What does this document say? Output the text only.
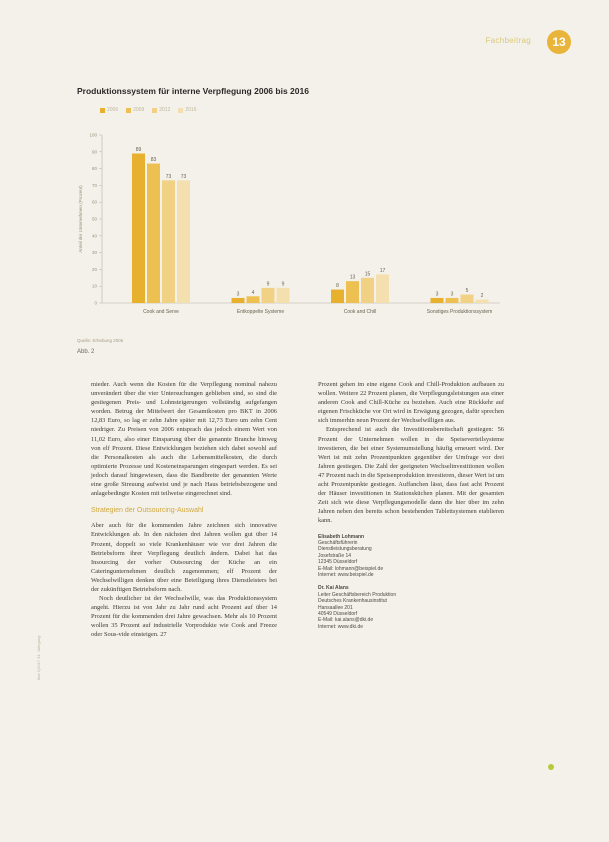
Fachbeitrag	13
Produktionssystem für interne Verpflegung 2006 bis 2016
2006	2009	2012	2016
0
10
20
30
40
50
60
70
80
90
100
Anteil der Unternehmen (Prozent)
89
83
73 73
Cook and Serve
3 4
9 9
Entkoppelte Systeme
8
13
15
17
Cook and Chill
3 3
5
2
Sonstiges Produktionssystem
Quelle: Erhebung 2006
Abb. 2

mieder. Auch wenn die Kosten für die Verpflegung nominal nahezu unverändert über die vier Untersuchungen geblieben sind, so sind die gestiegenen Preis- und Lohnsteigerungen vollständig aufgefangen worden. Betrug der Mittelwert der Gesamtkosten pro BKT in 2006 12,83 Euro, so lag er zehn Jahre später mit 12,73 Euro um zehn Cent niedriger. Zu Preisen von 2006 entsprach das jedoch einem Wert von 11,02 Euro, also einer Einsparung über die genannte Branche hinweg von elf Prozent. Diese Entwicklungen beziehen sich dabei sowohl auf die Personalkosten als auch die Lebensmittelkosten, die durch optimierte Prozesse und Kosteneinsparungen eingespart werden. Es sei jedoch darauf hingewiesen, dass die Bandbreite der genannten Werte eine große Streuung aufweist und je nach Haus betriebsbezogene und anlagebedingte Kosten mit teilweise eingerechnet sind.

Strategien der Outsourcing-Auswahl

Aber auch für die kommenden Jahre zeichnen sich innovative Entwicklungen ab. In den nächsten drei Jahren wollen gut über 14 Prozent, doppelt so viele Krankenhäuser wie vor drei Jahren die Betriebsform ihrer Verpflegung deutlich ändern. Dabei hat das Insourcing der vorher Outsourcing der Küche an ein Cateringunternehmen deutlich zugenommen; elf Prozent der Wechselwilligen denken über eine Beteiligung ihres Dienstleisters bei der zukünftigen Betriebsform nach.

Noch deutlicher ist der Wechselwille, was das Produktionssystem angeht. Hierzu ist von Jahr zu Jahr rund acht Prozent auf über 14 Prozent für die kommenden drei Jahre gewachsen. Mehr als 10 Prozent wollen 35 Prozent auf industrielle Vorprodukte wie Cook and Freeze oder Sous-vide einsteigen. 27

Prozent gehen im eine eigene Cook and Chill-Produktion aufbauen zu wollen. Weitere 22 Prozent planen, die Verpflegungsleistungen aus einer anderen Cook and Chill-Küche zu beziehen. Auch eine Rückkehr auf eigenen Frischküche vor Ort wird in Erwägung gezogen, dafür sprechen sich immerhin neun Prozent der Wechselwilligen aus.

Entsprechend ist auch die Investitionsbereitschaft gestiegen: 56 Prozent der Unternehmen wollen in die Speiseverteilsysteme investieren, die bei einer Systemumstellung häufig erneuert wird. Der Wert ist mit zehn Prozentpunkten gegenüber der Umfrage vor drei Jahren gestiegen. Die Zahl der geeigneten Wechselinvestitionen wollen 47 Prozent nach in die Speisenproduktion investieren, dieser Wert ist um acht Prozentpunkte gestiegen. Auffanchen lässt, dass fast acht Prozent der Häuser investitionen in Stationsküchen planen. Mit der gesamten Zeit sich wie diese Verpflegungsmodelle dann die hier über im zehn Jahren neben den bereits schon bestehenden Tablettsystemen etablieren kann.

Elisabeth Lohmann
Geschäftsführerin
Dienstleistungsberatung
Josefstraße 14
12345 Düsseldorf
E-Mail: lohmann@beispiel.de
Internet: www.beispiel.de
Dr. Kai Alans
Leiter Geschäftsbereich Produktion
Deutsches Krankenhausinstitut
Hansaallee 201
40549 Düsseldorf
E-Mail: kai.alans@dki.de
Internet: www.dki.de
f&w 1|2017 34. Jahrgang
